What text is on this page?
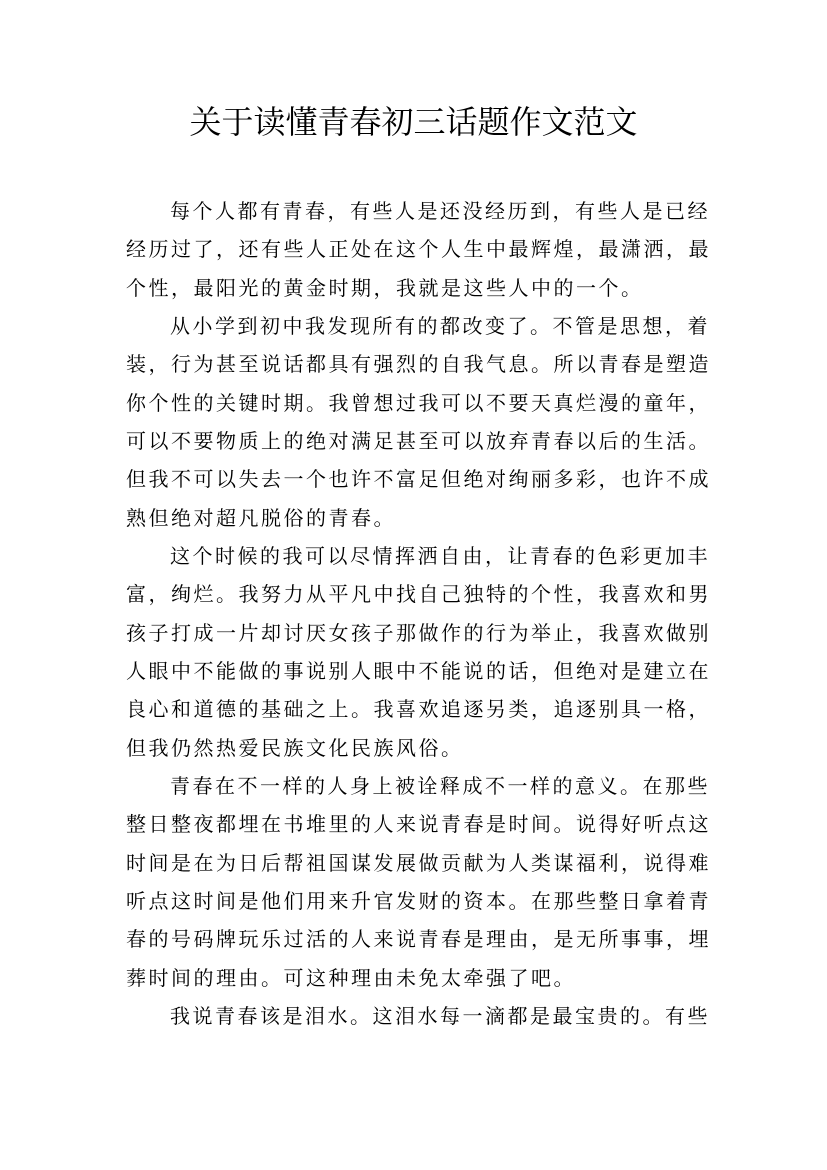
关于读懂青春初三话题作文范文
每个人都有青春，有些人是还没经历到，有些人是已经
经历过了，还有些人正处在这个人生中最辉煌，最潇洒，最
个性，最阳光的黄金时期，我就是这些人中的一个。
从小学到初中我发现所有的都改变了。不管是思想，着
装，行为甚至说话都具有强烈的自我气息。所以青春是塑造
你个性的关键时期。我曾想过我可以不要天真烂漫的童年，
可以不要物质上的绝对满足甚至可以放弃青春以后的生活。
但我不可以失去一个也许不富足但绝对绚丽多彩，也许不成
熟但绝对超凡脱俗的青春。
这个时候的我可以尽情挥洒自由，让青春的色彩更加丰
富，绚烂。我努力从平凡中找自己独特的个性，我喜欢和男
孩子打成一片却讨厌女孩子那做作的行为举止，我喜欢做别
人眼中不能做的事说别人眼中不能说的话，但绝对是建立在
良心和道德的基础之上。我喜欢追逐另类，追逐别具一格，
但我仍然热爱民族文化民族风俗。
青春在不一样的人身上被诠释成不一样的意义。在那些
整日整夜都埋在书堆里的人来说青春是时间。说得好听点这
时间是在为日后帮祖国谋发展做贡献为人类谋福利，说得难
听点这时间是他们用来升官发财的资本。在那些整日拿着青
春的号码牌玩乐过活的人来说青春是理由，是无所事事，埋
葬时间的理由。可这种理由未免太牵强了吧。
我说青春该是泪水。这泪水每一滴都是最宝贵的。有些
